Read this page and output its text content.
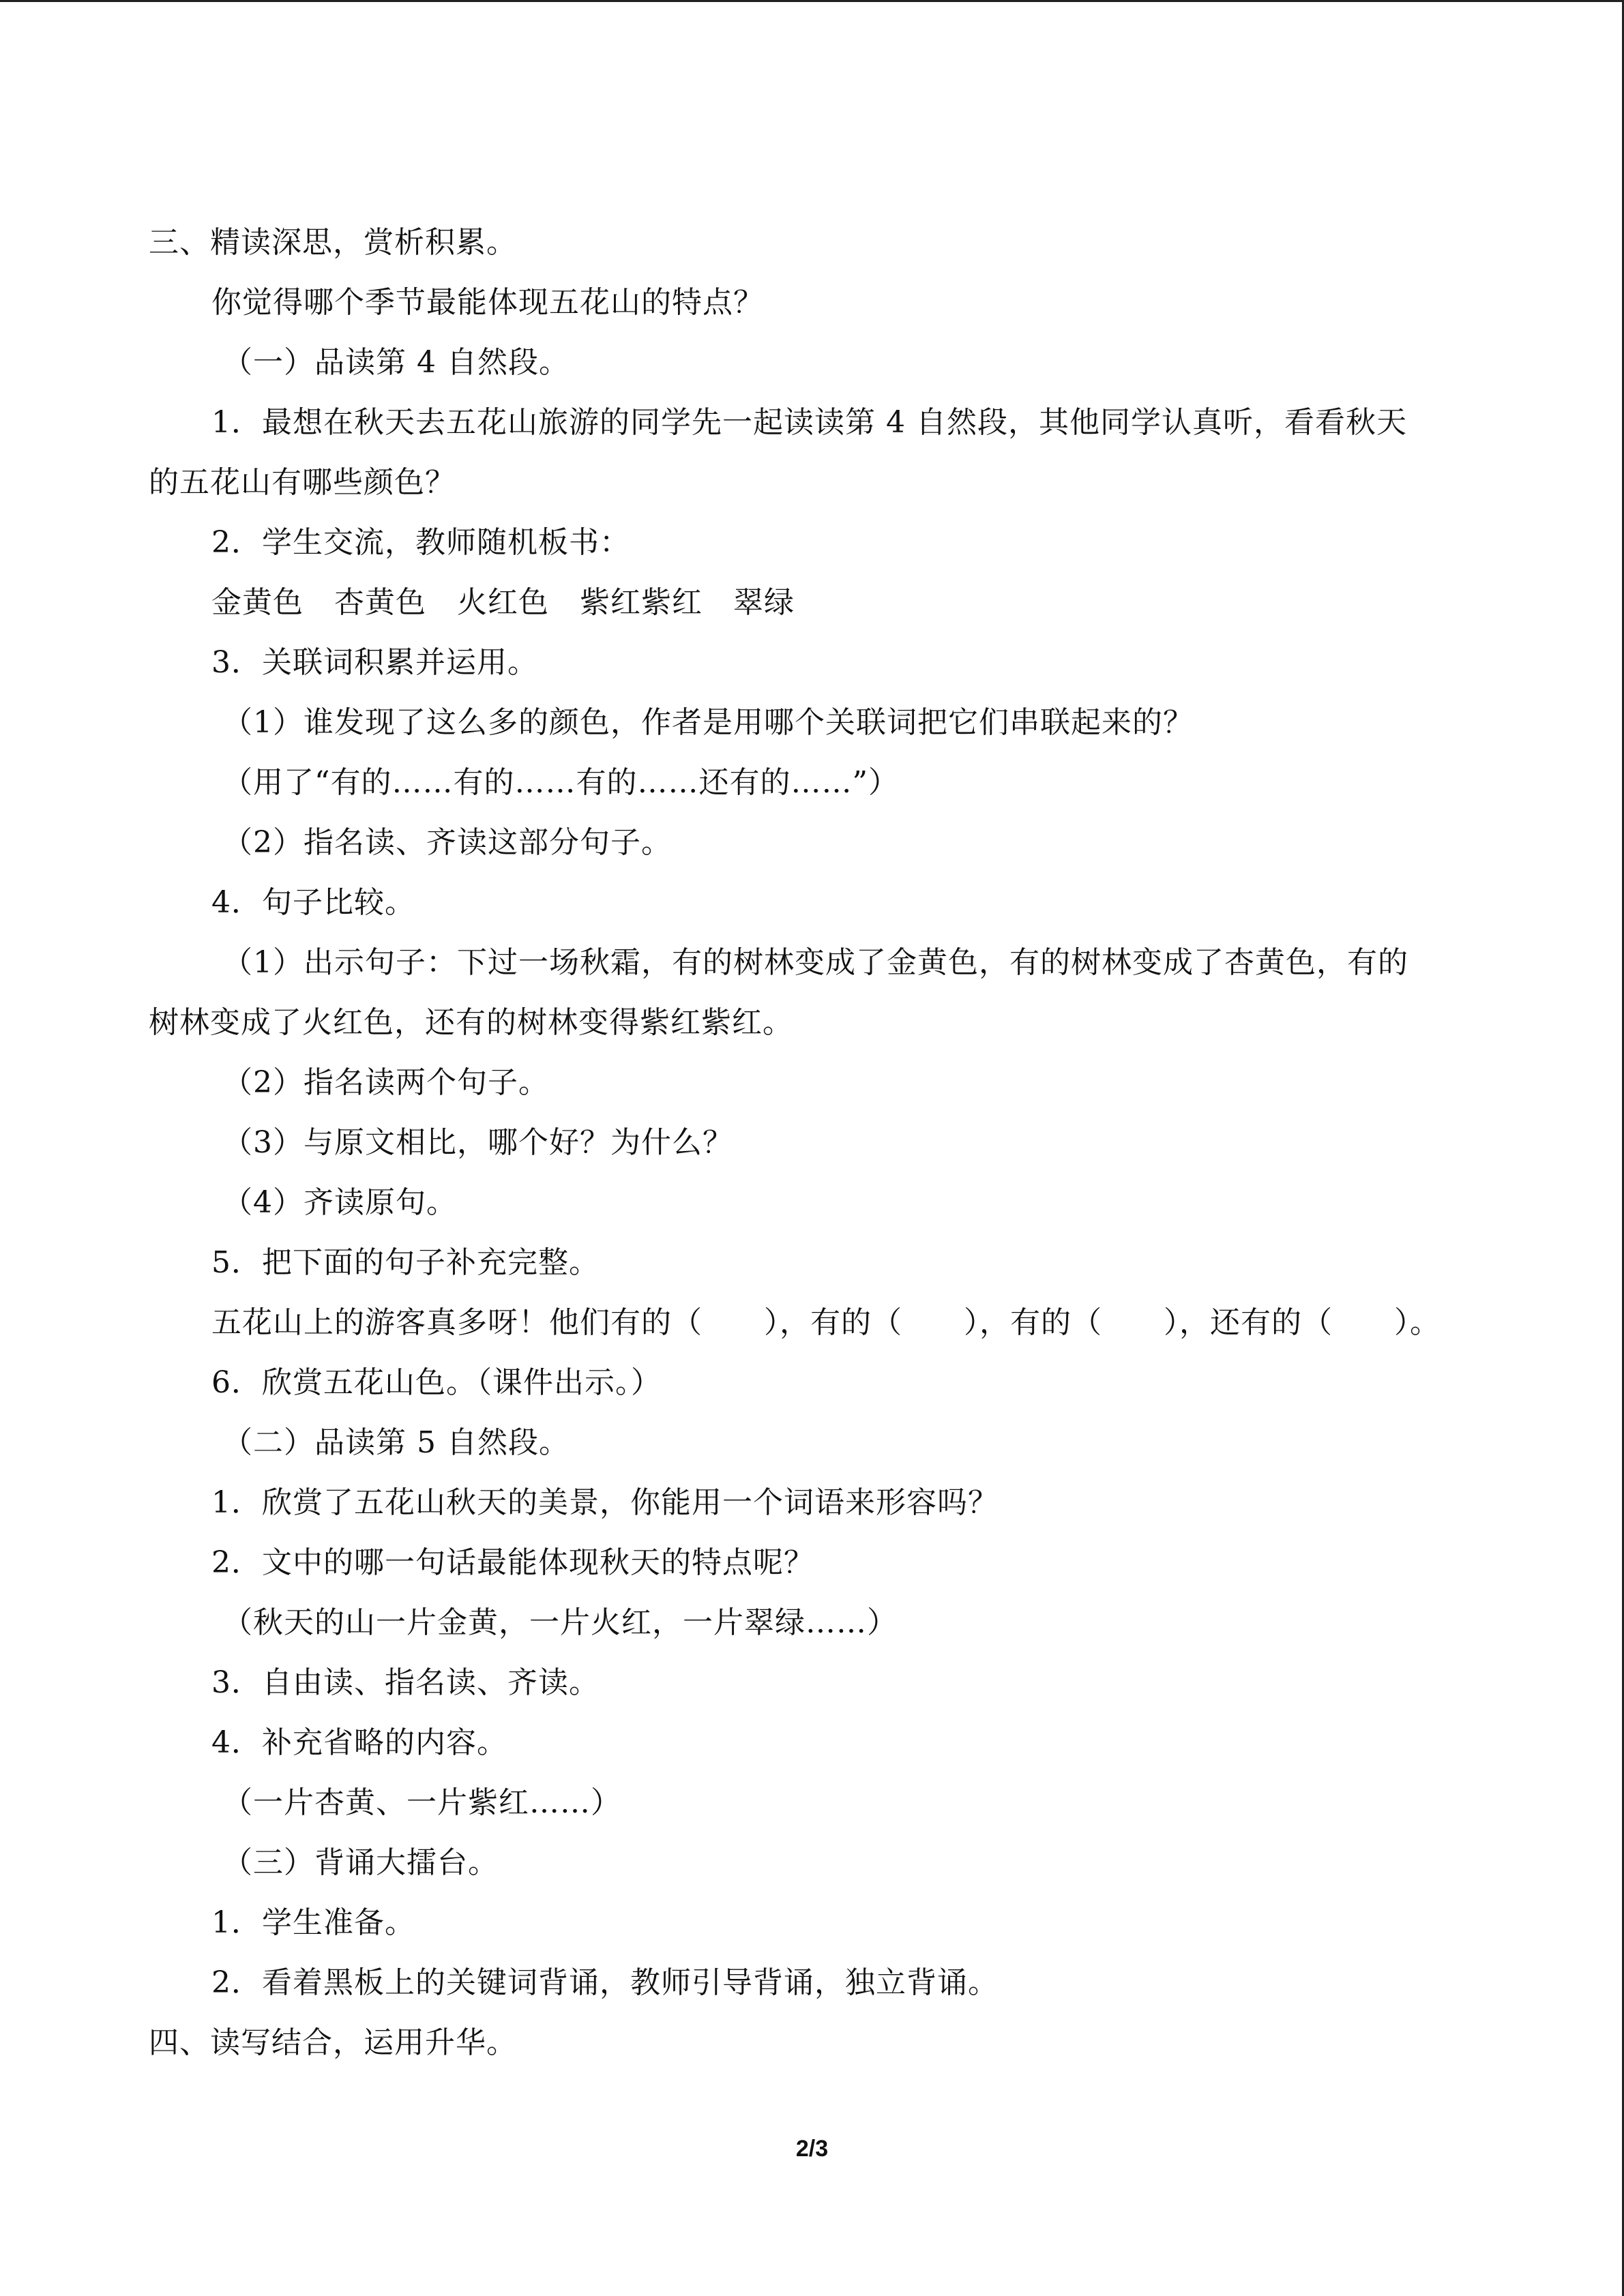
三、精读深思，赏析积累。
你觉得哪个季节最能体现五花山的特点？
（一）品读第 4 自然段。
1．最想在秋天去五花山旅游的同学先一起读读第 4 自然段，其他同学认真听，看看秋天
的五花山有哪些颜色？
2．学生交流，教师随机板书：
金黄色　杏黄色　火红色　紫红紫红　翠绿
3．关联词积累并运用。
（1）谁发现了这么多的颜色，作者是用哪个关联词把它们串联起来的？
（用了“有的……有的……有的……还有的……”）
（2）指名读、齐读这部分句子。
4．句子比较。
（1）出示句子：下过一场秋霜，有的树林变成了金黄色，有的树林变成了杏黄色，有的
树林变成了火红色，还有的树林变得紫红紫红。
（2）指名读两个句子。
（3）与原文相比，哪个好？为什么？
（4）齐读原句。
5．把下面的句子补充完整。
五花山上的游客真多呀！他们有的（　　），有的（　　），有的（　　），还有的（　　）。
6．欣赏五花山色。（课件出示。）
（二）品读第 5 自然段。
1．欣赏了五花山秋天的美景，你能用一个词语来形容吗？
2．文中的哪一句话最能体现秋天的特点呢？
（秋天的山一片金黄，一片火红，一片翠绿……）
3．自由读、指名读、齐读。
4．补充省略的内容。
（一片杏黄、一片紫红……）
（三）背诵大擂台。
1．学生准备。
2．看着黑板上的关键词背诵，教师引导背诵，独立背诵。
四、读写结合，运用升华。
2/3
